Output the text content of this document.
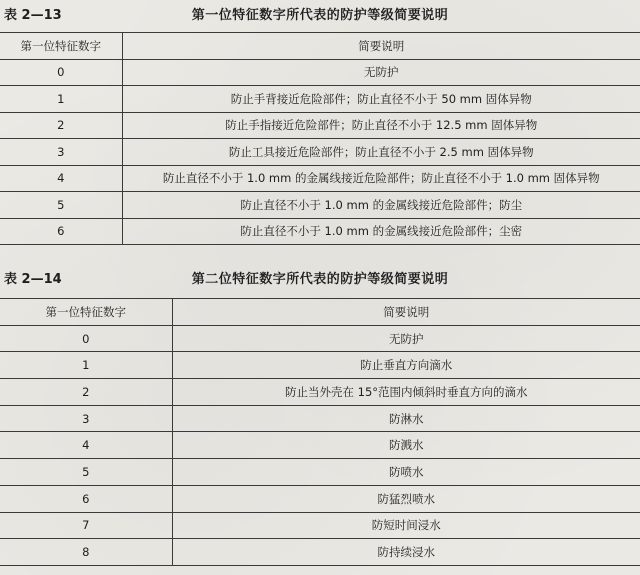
表 2—13	第一位特征数字所代表的防护等级简要说明
第一位特征数字	简要说明
0	无防护
1	防止手背接近危险部件；防止直径不小于 50 mm 固体异物
2	防止手指接近危险部件；防止直径不小于 12.5 mm 固体异物
3	防止工具接近危险部件；防止直径不小于 2.5 mm 固体异物
4	防止直径不小于 1.0 mm 的金属线接近危险部件；防止直径不小于 1.0 mm 固体异物
5	防止直径不小于 1.0 mm 的金属线接近危险部件；防尘
6	防止直径不小于 1.0 mm 的金属线接近危险部件；尘密
表 2—14	第二位特征数字所代表的防护等级简要说明
第一位特征数字	简要说明
0	无防护
1	防止垂直方向滴水
2	防止当外壳在 15°范围内倾斜时垂直方向的滴水
3	防淋水
4	防溅水
5	防喷水
6	防猛烈喷水
7	防短时间浸水
8	防持续浸水
